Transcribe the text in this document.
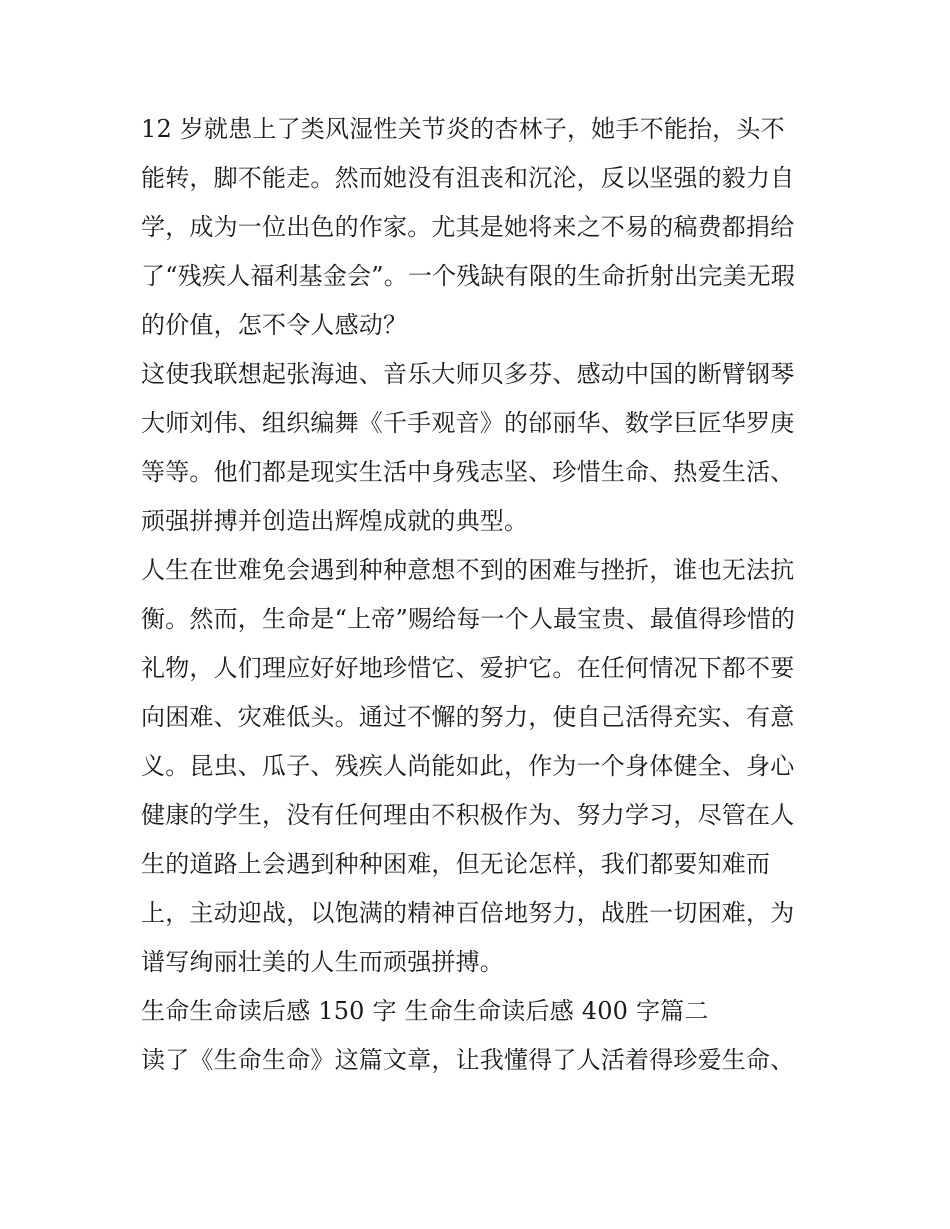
12 岁就患上了类风湿性关节炎的杏林子，她手不能抬，头不
能转，脚不能走。然而她没有沮丧和沉沦，反以坚强的毅力自
学，成为一位出色的作家。尤其是她将来之不易的稿费都捐给
了“残疾人福利基金会”。一个残缺有限的生命折射出完美无瑕
的价值，怎不令人感动？
这使我联想起张海迪、音乐大师贝多芬、感动中国的断臂钢琴
大师刘伟、组织编舞《千手观音》的邰丽华、数学巨匠华罗庚
等等。他们都是现实生活中身残志坚、珍惜生命、热爱生活、
顽强拼搏并创造出辉煌成就的典型。
人生在世难免会遇到种种意想不到的困难与挫折，谁也无法抗
衡。然而，生命是“上帝”赐给每一个人最宝贵、最值得珍惜的
礼物，人们理应好好地珍惜它、爱护它。在任何情况下都不要
向困难、灾难低头。通过不懈的努力，使自己活得充实、有意
义。昆虫、瓜子、残疾人尚能如此，作为一个身体健全、身心
健康的学生，没有任何理由不积极作为、努力学习，尽管在人
生的道路上会遇到种种困难，但无论怎样，我们都要知难而
上，主动迎战，以饱满的精神百倍地努力，战胜一切困难，为
谱写绚丽壮美的人生而顽强拼搏。
生命生命读后感 150 字 生命生命读后感 400 字篇二
读了《生命生命》这篇文章，让我懂得了人活着得珍爱生命、
